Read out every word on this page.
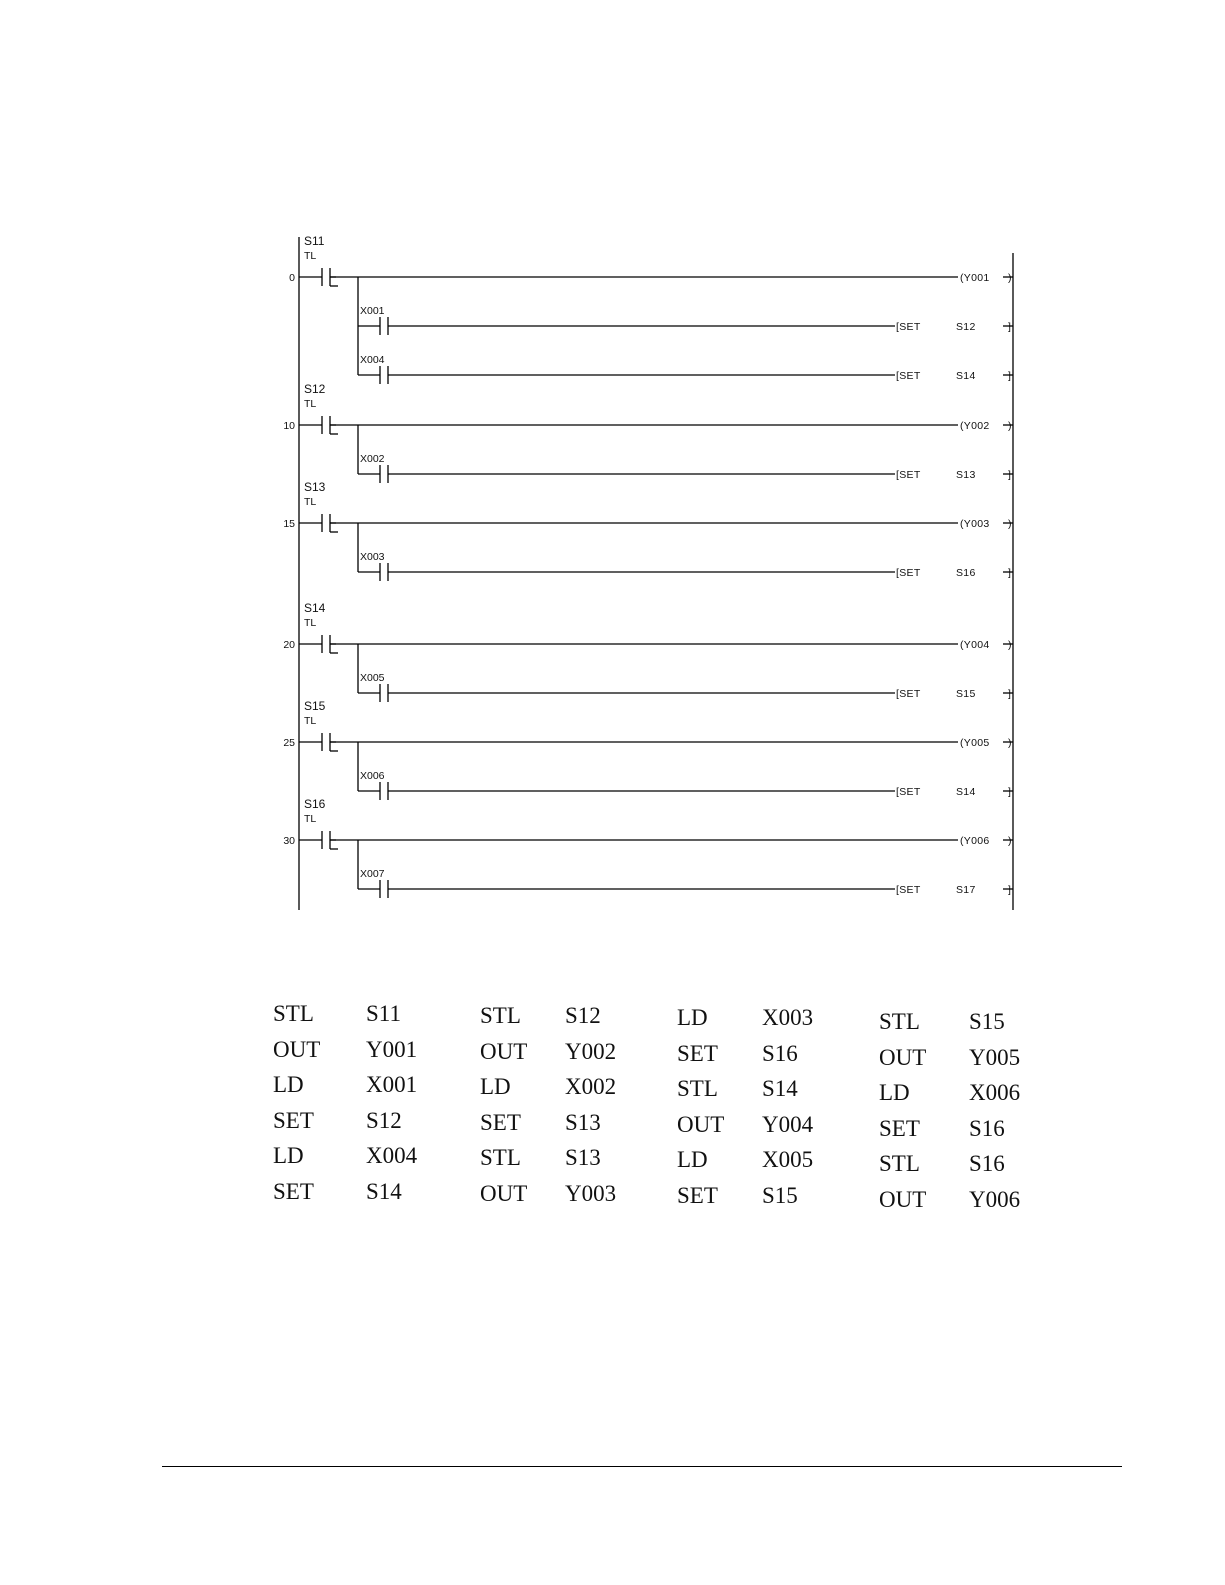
0
S11
TL
(Y001 )
X001
[SET	S12	]
X004
[SET	S14	]
10
S12
TL
(Y002 )
X002
[SET	S13	]
15
S13
TL
(Y003 )
X003
[SET	S16	]
20
S14
TL
(Y004 )
X005
[SET	S15	]
25
S15
TL
(Y005 )
X006
[SET	S14	]
30
S16
TL
(Y006 )
X007
[SET	S17	]
STL S11
OUT Y001
LD	X001
SET S12
LD	X004
SET S14
STL S12
OUT Y002
LD X002
SET S13
STL S13
OUT Y003
LD X003
SET S16
STL S14
OUT Y004
LD X005
SET S15
STL S15
OUT Y005
LD	X006
SET S16
STL S16
OUT Y006
